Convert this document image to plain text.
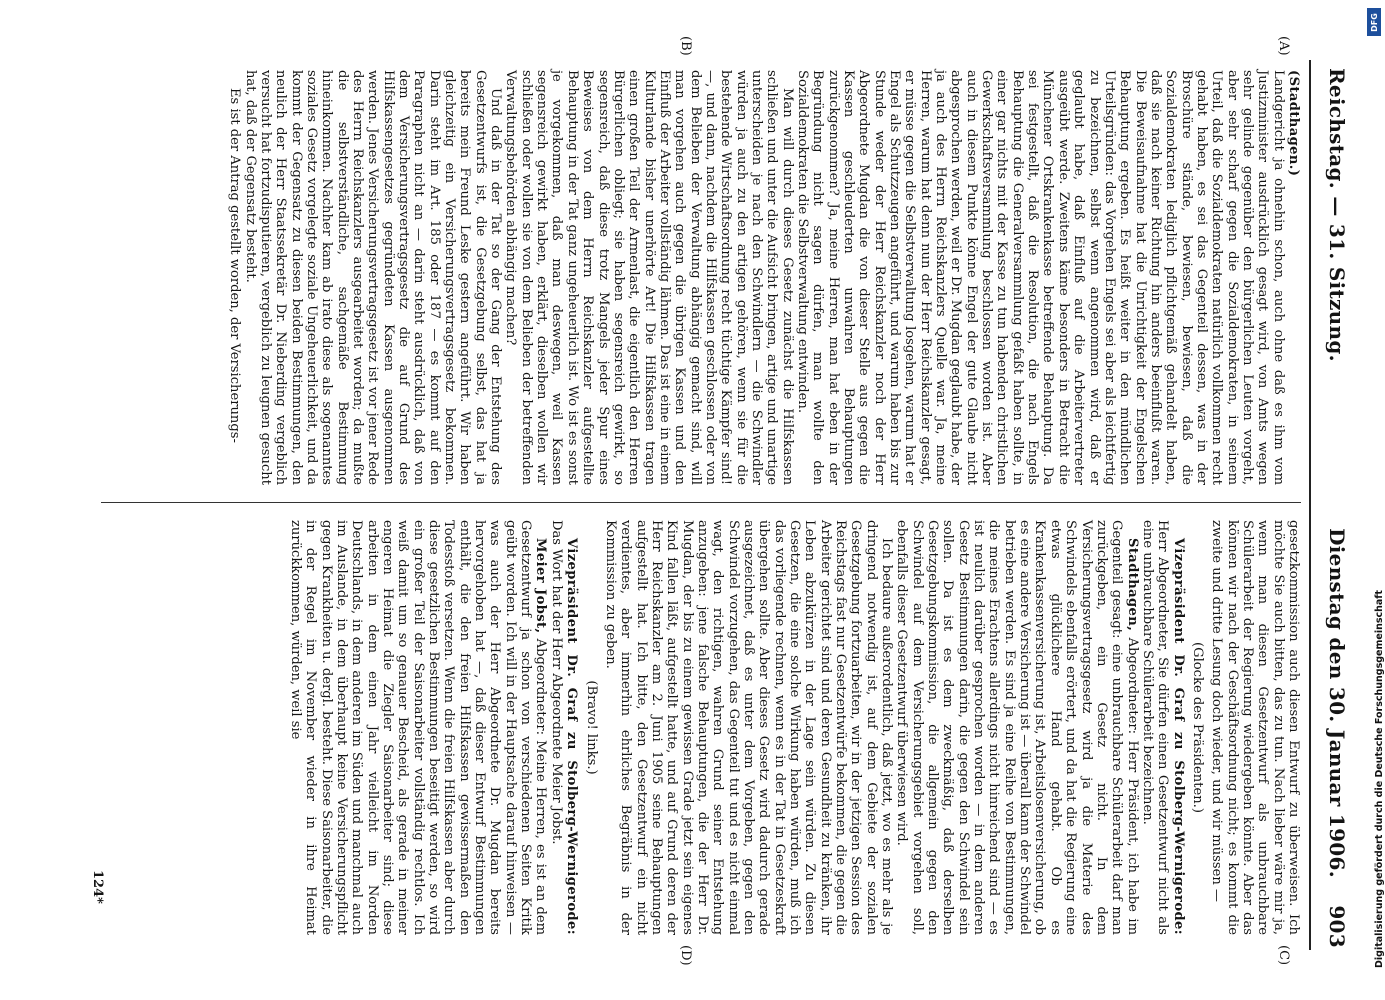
Reichstag. — 31. Sitzung.
Dienstag den 30. Januar 1906.
903
(A)
(B)
(C)
(D)

(Stadthagen.)

Landgericht ja ohnehin schon, auch ohne daß es ihm vom Justizminister ausdrücklich gesagt wird, von Amts wegen sehr gelinde gegenüber den bürgerlichen Leuten vorgeht, aber sehr scharf gegen die Sozialdemokraten, in seinem Urteil, daß die Sozialdemokraten natürlich vollkommen recht gehabt haben, es sei das Gegenteil dessen, was in der Broschüre stände, bewiesen, bewiesen, daß die Sozialdemokraten lediglich pflichtgemäß gehandelt haben, daß sie nach keiner Richtung hin anders beeinflußt waren. Die Beweisaufnahme hat die Unrichtigkeit der Engelschen Behauptung ergeben. Es heißt weiter in den mündlichen Urteilsgründen: das Vorgehen Engels sei aber als leichtfertig zu bezeichnen, selbst wenn angenommen wird, daß er geglaubt habe, daß Einfluß auf die Arbeitervertreter ausgeübt werde. Zweitens käme besonders in Betracht die Münchener Ortskrankenkasse betreffende Behauptung. Da sei festgestellt, daß die Resolution, die nach Engels Behauptung die Generalversammlung gefaßt haben sollte, in einer gar nichts mit der Kasse zu tun habenden christlichen Gewerkschaftsversammlung beschlossen worden ist. Aber auch in diesem Punkte könne Engel der gute Glaube nicht abgesprochen werden, weil er Dr. Mugdan geglaubt habe, der ja auch des Herrn Reichskanzlers Quelle war. Ja, meine Herren, warum hat denn nun der Herr Reichskanzler gesagt, er müsse gegen die Selbstverwaltung losgehen, warum hat er Engel als Schutzzeugen angeführt, und warum haben bis zur Stunde weder der Herr Reichskanzler noch der Herr Abgeordnete Mugdan die von dieser Stelle aus gegen die Kassen geschleuderten unwahren Behauptungen zurückgenommen? Ja, meine Herren, man hat eben in der Begründung nicht sagen dürfen, man wollte den Sozialdemokraten die Selbstverwaltung entwinden.

Man will durch dieses Gesetz zunächst die Hilfskassen schließen und unter die Aufsicht bringen, artige und unartige unterscheiden je nach den Schwindlern — die Schwindler würden ja auch zu den artigen gehören, wenn sie für die bestehende Wirtschaftsordnung recht tüchtige Kämpfer sind! —, und dann, nachdem die Hilfskassen geschlossen oder von dem Belieben der Verwaltung abhängig gemacht sind, will man vorgehen auch gegen die übrigen Kassen und den Einfluß der Arbeiter vollständig lähmen. Das ist eine in einem Kulturlande bisher unerhörte Art! Die Hilfskassen tragen einen großen Teil der Armenlast, die eigentlich den Herren Bürgerlichen obliegt; sie haben segensreich gewirkt, so segensreich, daß diese trotz Mangels jeder Spur eines Beweises von dem Herrn Reichskanzler aufgestellte Behauptung in der Tat ganz ungeheuerlich ist. Wo ist es sonst je vorgekommen, daß man deswegen, weil Kassen segensreich gewirkt haben, erklärt, dieselben wollen wir schließen oder wollen sie von dem Belieben der betreffenden Verwaltungsbehörden abhängig machen?

Und daß in der Tat so der Gang der Entstehung des Gesetzentwurfs ist, die Gesetzgebung selbst, das hat ja bereits mein Freund Leske gestern angeführt. Wir haben gleichzeitig ein Versicherungsvertragsgesetz bekommen. Darin steht im Art. 185 oder 187 — es kommt auf den Paragraphen nicht an — darin steht ausdrücklich, daß von dem Versicherungsvertragsgesetz die auf Grund des Hilfskassengesetzes gegründeten Kassen ausgenommen werden. Jenes Versicherungsvertragsgesetz ist vor jener Rede des Herrn Reichskanzlers ausgearbeitet worden; da mußte die selbstverständliche, sachgemäße Bestimmung hineinkommen. Nachher kam ab irato diese als sogenanntes soziales Gesetz vorgelegte soziale Ungeheuerlichkeit, und da kommt der Gegensatz zu diesen beiden Bestimmungen, den neulich der Herr Staatssekretär Dr. Nieberding vergeblich versucht hat fortzudisputieren, vergeblich zu leugnen gesucht hat, daß der Gegensatz besteht.

Es ist der Antrag gestellt worden, der Versicherungs-

gesetzkommission auch diesen Entwurf zu überweisen. Ich möchte Sie auch bitten, das zu tun. Nach lieber wäre mir ja, wenn man diesen Gesetzentwurf als unbrauchbare Schülerarbeit der Regierung wiedergeben könnte. Aber das können wir nach der Geschäftsordnung nicht; es kommt die zweite und dritte Lesung doch wieder, und wir müssen —

(Glocke des Präsidenten.)

Vizepräsident Dr. Graf zu Stolberg-Wernigerode: Herr Abgeordneter, Sie dürfen einen Gesetzentwurf nicht als eine unbrauchbare Schülerarbeit bezeichnen.

Stadthagen, Abgeordneter: Herr Präsident, ich habe im Gegenteil gesagt: eine unbrauchbare Schülerarbeit darf man zurückgeben, ein Gesetz nicht. In dem Versicherungsvertragsgesetz wird ja die Materie des Schwindels ebenfalls erörtert, und da hat die Regierung eine etwas glücklichere Hand gehabt. Ob es Krankenkassenversicherung ist, Arbeitslosenversicherung, ob es eine andere Versicherung ist — überall kann der Schwindel betrieben werden. Es sind ja eine Reihe von Bestimmungen, die meines Erachtens allerdings nicht hinreichend sind — es ist neulich darüber gesprochen worden — in dem anderen Gesetz Bestimmungen darin, die gegen den Schwindel sein sollen. Da ist es dem zweckmäßig, daß derselben Gesetzgebungskommission, die allgemein gegen den Schwindel auf dem Versicherungsgebiet vorgehen soll, ebenfalls dieser Gesetzentwurf überwiesen wird.

Ich bedaure außerordentlich, daß jetzt, wo es mehr als je dringend notwendig ist, auf dem Gebiete der sozialen Gesetzgebung fortzuarbeiten, wir in der jetzigen Session des Reichstags fast nur Gesetzentwürfe bekommen, die gegen die Arbeiter gerichtet sind und deren Gesundheit zu kränken, ihr Leben abzukürzen in der Lage sein würden. Zu diesen Gesetzen, die eine solche Wirkung haben würden, muß ich das vorliegende rechnen, wenn es in der Tat in Gesetzeskraft übergehen sollte. Aber dieses Gesetz wird dadurch gerade ausgezeichnet, daß es unter dem Vorgeben, gegen den Schwindel vorzugehen, das Gegenteil tut und es nicht einmal wagt, den richtigen, wahren Grund seiner Entstehung anzugeben: jene falsche Behauptungen, die der Herr Dr. Mugdan, der bis zu einem gewissen Grade jetzt sein eigenes Kind fallen läßt, aufgestellt hatte, und auf Grund deren der Herr Reichskanzler am 2. Juni 1905 seine Behauptungen aufgestellt hat. Ich bitte, den Gesetzentwurf ein nicht verdientes, aber immerhin ehrliches Begräbnis in der Kommission zu geben.

(Bravo! links.)

Vizepräsident Dr. Graf zu Stolberg-Wernigerode: Das Wort hat der Herr Abgeordnete Meier Jobst.

Meier Jobst, Abgeordneter: Meine Herren, es ist an dem Gesetzentwurf ja schon von verschiedenen Seiten Kritik geübt worden. Ich will in der Hauptsache darauf hinweisen — was auch der Herr Abgeordnete Dr. Mugdan bereits hervorgehoben hat —, daß dieser Entwurf Bestimmungen enthält, die den freien Hilfskassen gewissermaßen den Todesstoß versetzen. Wenn die freien Hilfskassen aber durch diese gesetzlichen Bestimmungen beseitigt werden, so wird ein großer Teil der Saisonarbeiter vollständig rechtlos. Ich weiß damit um so genauer Bescheid, als gerade in meiner engeren Heimat die Ziegler Saisonarbeiter sind; diese arbeiten in dem einen Jahr vielleicht im Norden Deutschlands, in dem anderen im Süden und manchmal auch im Auslande, in dem überhaupt keine Versicherungspflicht gegen Krankheiten u. dergl. besteht. Diese Saisonarbeiter, die in der Regel im November wieder in ihre Heimat zurückkommen, würden, weil sie

124*	Digitalisierung gefördert durch die Deutsche Forschungsgemeinschaft
DFG
